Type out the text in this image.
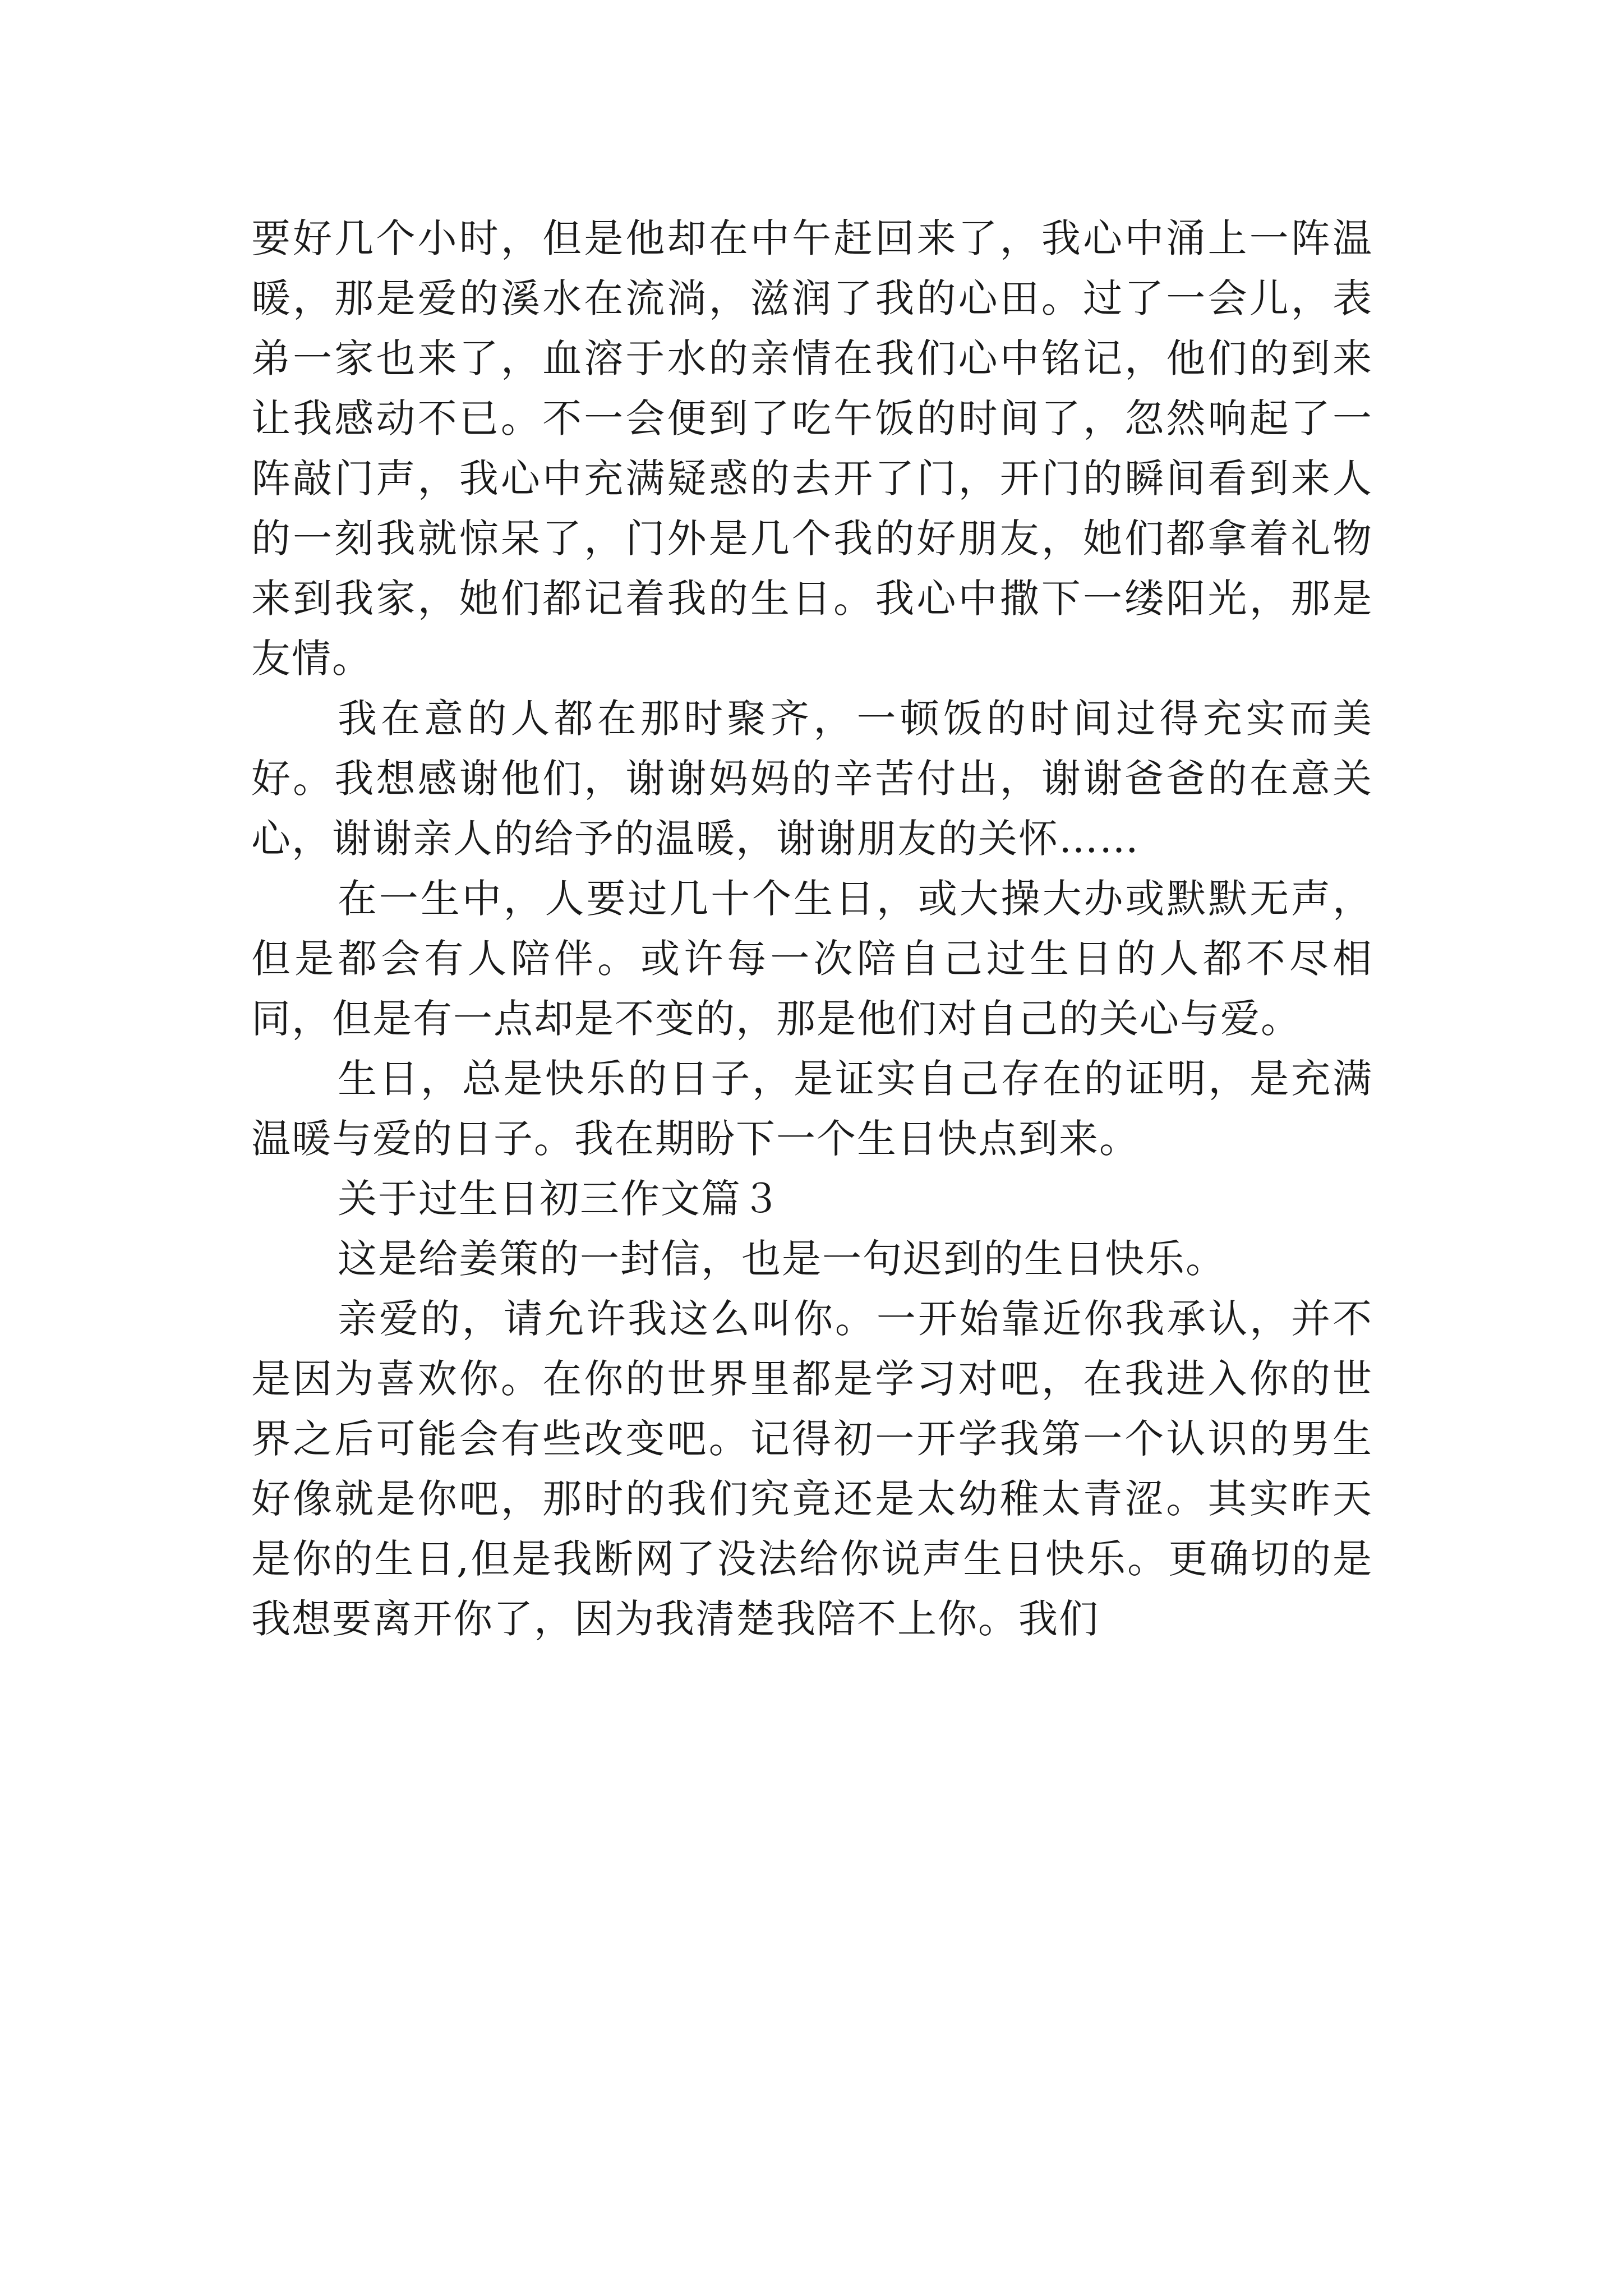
要好几个小时，但是他却在中午赶回来了，我心中涌上一阵温暖，那是爱的溪水在流淌，滋润了我的心田。过了一会儿，表弟一家也来了，血溶于水的亲情在我们心中铭记，他们的到来让我感动不已。不一会便到了吃午饭的时间了，忽然响起了一阵敲门声，我心中充满疑惑的去开了门，开门的瞬间看到来人的一刻我就惊呆了，门外是几个我的好朋友，她们都拿着礼物来到我家，她们都记着我的生日。我心中撒下一缕阳光，那是友情。

我在意的人都在那时聚齐，一顿饭的时间过得充实而美好。我想感谢他们，谢谢妈妈的辛苦付出，谢谢爸爸的在意关心，谢谢亲人的给予的温暖，谢谢朋友的关怀……

在一生中，人要过几十个生日，或大操大办或默默无声，但是都会有人陪伴。或许每一次陪自己过生日的人都不尽相同，但是有一点却是不变的，那是他们对自己的关心与爱。

生日，总是快乐的日子，是证实自己存在的证明，是充满温暖与爱的日子。我在期盼下一个生日快点到来。

关于过生日初三作文篇３

这是给姜策的一封信，也是一句迟到的生日快乐。

亲爱的，请允许我这么叫你。一开始靠近你我承认，并不是因为喜欢你。在你的世界里都是学习对吧，在我进入你的世界之后可能会有些改变吧。记得初一开学我第一个认识的男生好像就是你吧，那时的我们究竟还是太幼稚太青涩。其实昨天是你的生日,但是我断网了没法给你说声生日快乐。更确切的是我想要离开你了，因为我清楚我陪不上你。我们
